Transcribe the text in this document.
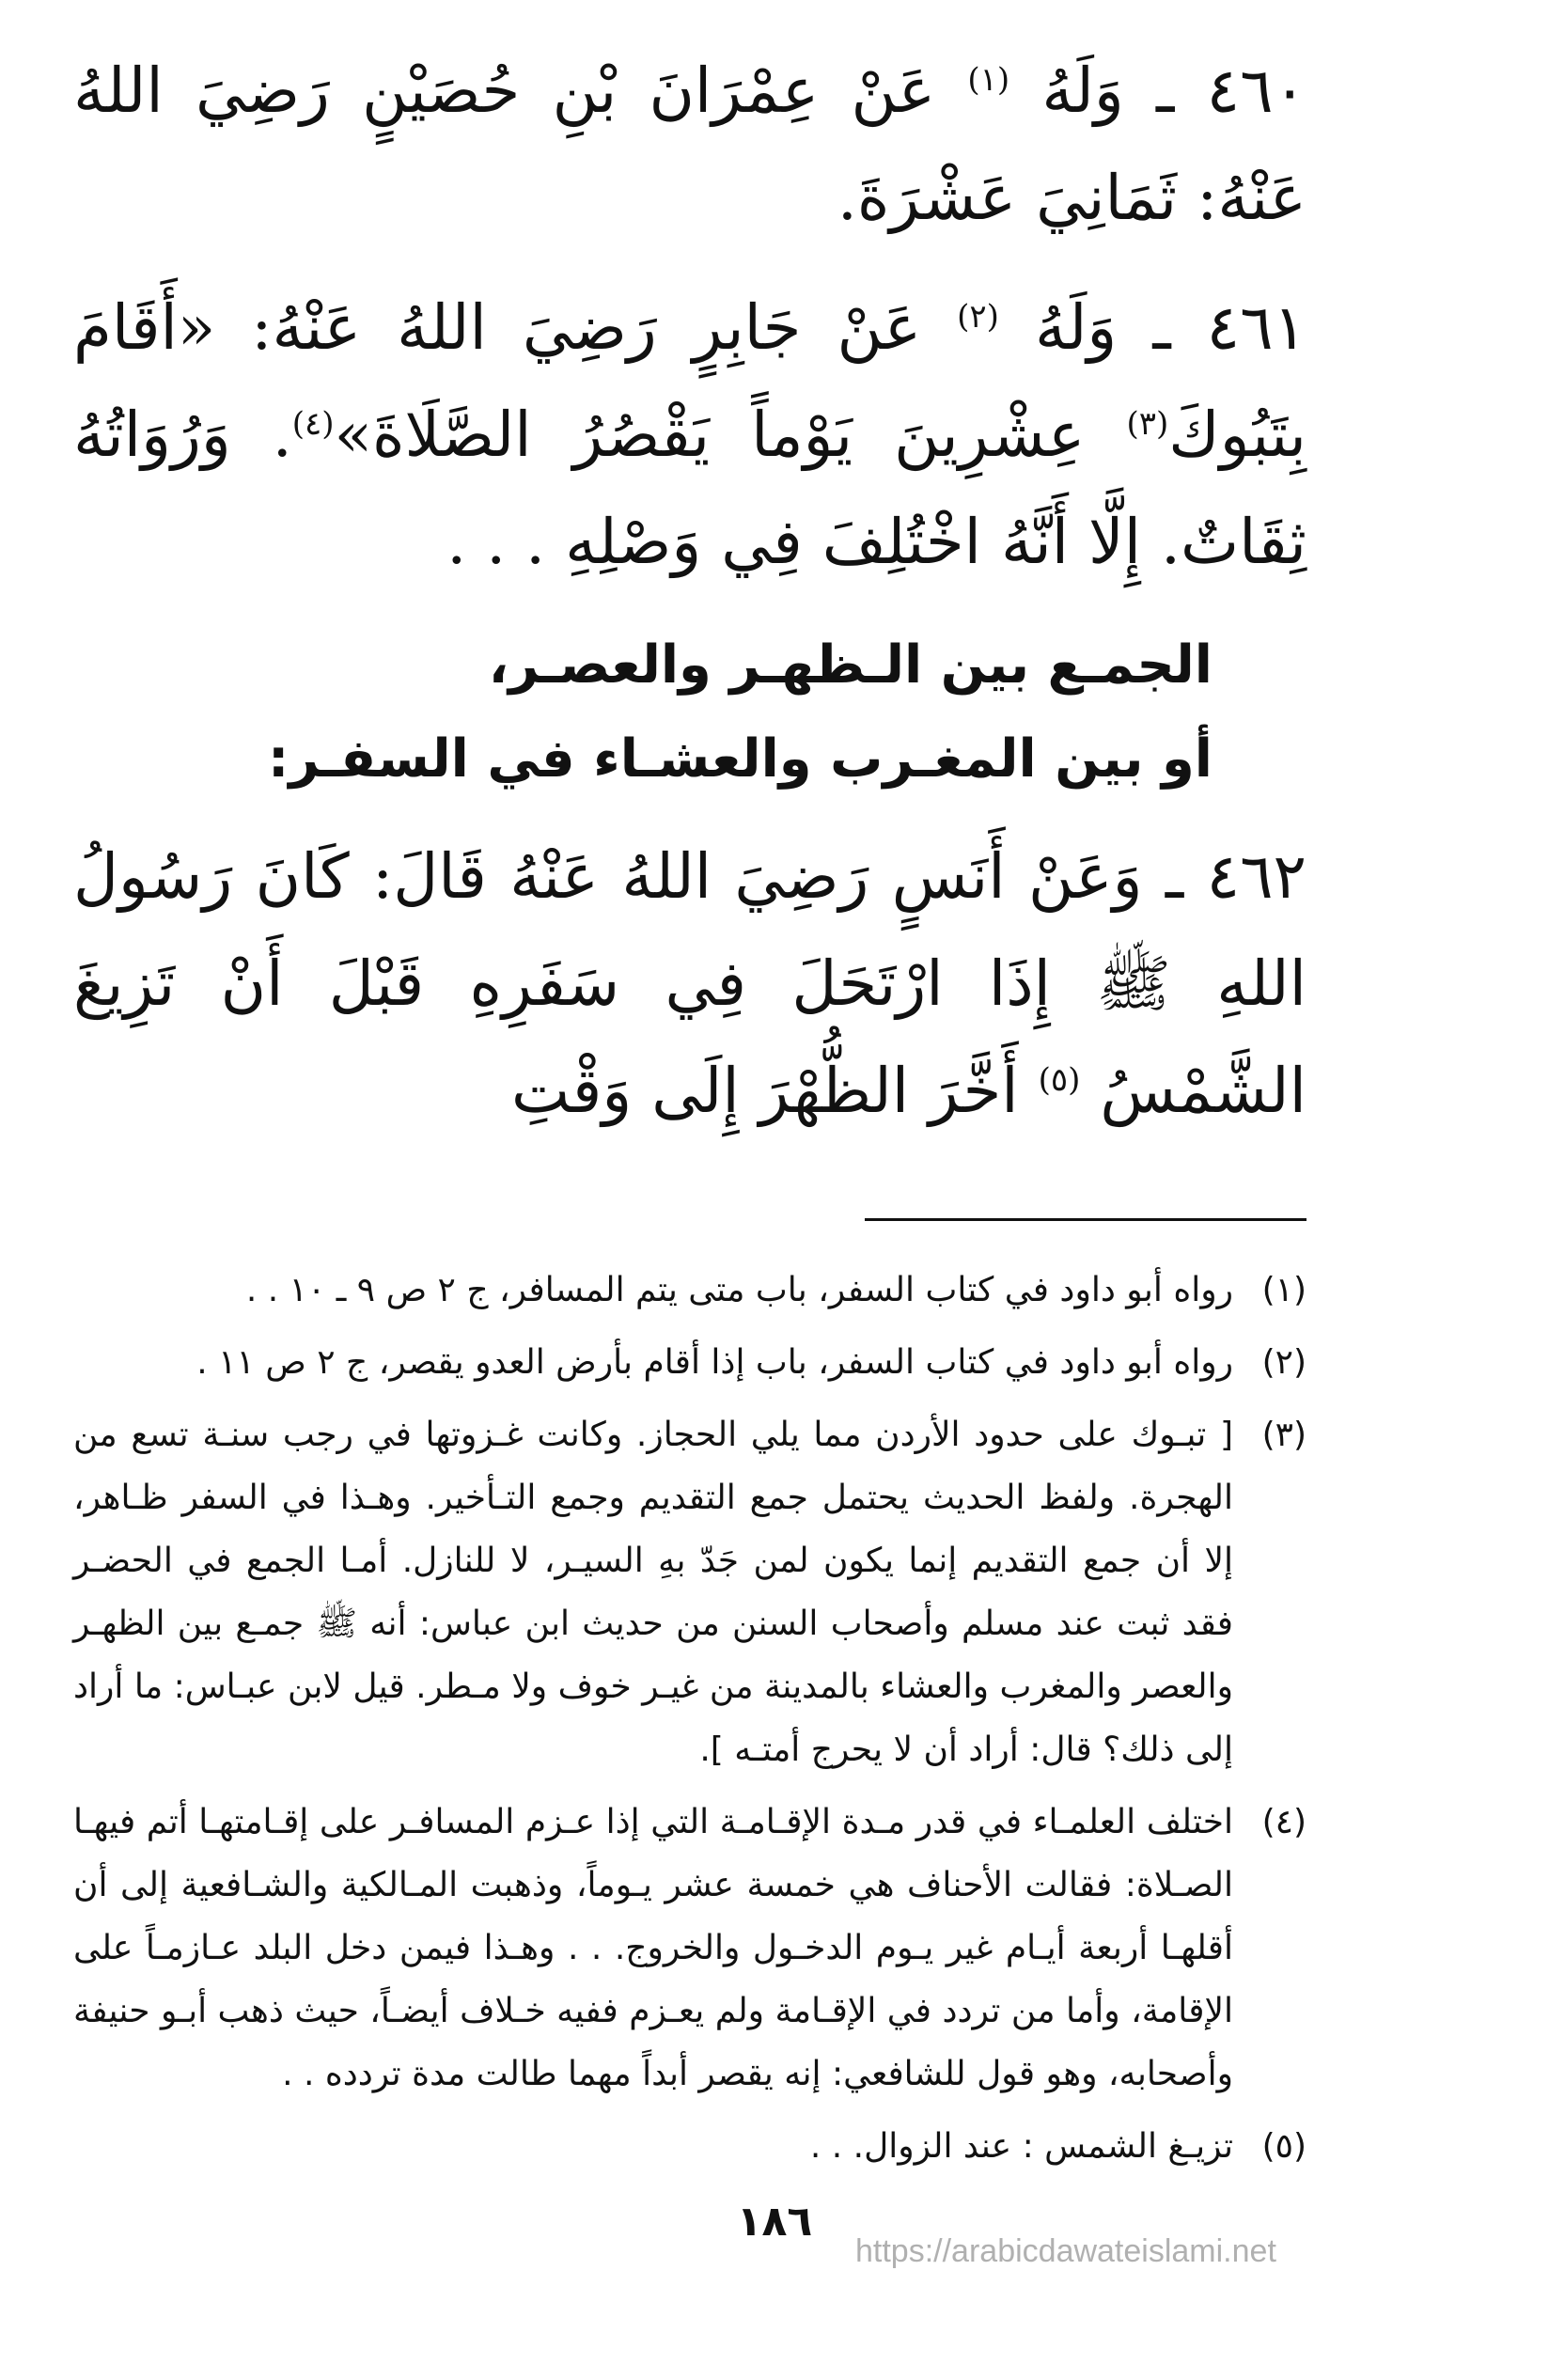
٤٦٠ ـ وَلَهُ $^{(١)}$ عَنْ عِمْرَانَ بْنِ حُصَيْنٍ رَضِيَ اللهُ عَنْهُ: ثَمَانِيَ عَشْرَةَ.

٤٦١ ـ وَلَهُ $^{(٢)}$ عَنْ جَابِرٍ رَضِيَ اللهُ عَنْهُ: «أَقَامَ بِتَبُوكَ$^{(٣)}$ عِشْرِينَ يَوْماً يَقْصُرُ الصَّلَاةَ»$^{(٤)}$. وَرُوَاتُهُ ثِقَاتٌ. إِلَّا أَنَّهُ اخْتُلِفَ فِي وَصْلِهِ . . .

الجمـع بين الـظهـر والعصـر،

أو بين المغـرب والعشـاء في السفـر:

٤٦٢ ـ وَعَنْ أَنَسٍ رَضِيَ اللهُ عَنْهُ قَالَ: كَانَ رَسُولُ اللهِ ﷺ إِذَا ارْتَحَلَ فِي سَفَرِهِ قَبْلَ أَنْ تَزِيغَ الشَّمْسُ $^{(٥)}$ أَخَّرَ الظُّهْرَ إِلَى وَقْتِ

(١)
رواه أبو داود في كتاب السفر، باب متى يتم المسافر، ج ٢ ص ٩ ـ ١٠ . .
(٢)
رواه أبو داود في كتاب السفر، باب إذا أقام بأرض العدو يقصر، ج ٢ ص ١١ .
(٣)
[ تبـوك على حدود الأردن مما يلي الحجاز. وكانت غـزوتها في رجب سنـة تسع من الهجرة. ولفظ الحديث يحتمل جمع التقديم وجمع التـأخير. وهـذا في السفر ظـاهر، إلا أن جمع التقديم إنما يكون لمن جَدّ بهِ السيـر، لا للنازل. أمـا الجمع في الحضـر فقد ثبت عند مسلم وأصحاب السنن من حديث ابن عباس: أنه ﷺ جمـع بين الظهـر والعصر والمغرب والعشاء بالمدينة من غيـر خوف ولا مـطر. قيل لابن عبـاس: ما أراد إلى ذلك؟ قال: أراد أن لا يحرج أمتـه ].
(٤)
اختلف العلمـاء في قدر مـدة الإقـامـة التي إذا عـزم المسافـر على إقـامتهـا أتم فيهـا الصـلاة: فقالت الأحناف هي خمسة عشر يـوماً، وذهبت المـالكية والشـافعية إلى أن أقلهـا أربعة أيـام غير يـوم الدخـول والخروج. . . وهـذا فيمن دخل البلد عـازمـاً على الإقامة، وأما من تردد في الإقـامة ولم يعـزم ففيه خـلاف أيضـاً، حيث ذهب أبـو حنيفة وأصحابه، وهو قول للشافعي: إنه يقصر أبداً مهما طالت مدة تردده . .
(٥)
تزيـغ الشمس : عند الزوال. . .
١٨٦
https://arabicdawateislami.net
